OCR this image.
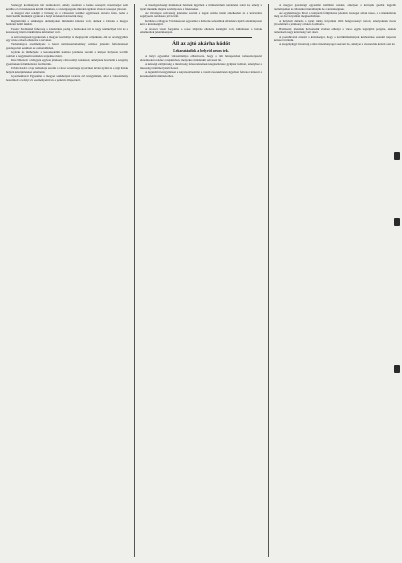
Somogyi kormányzás bár számottevő, amely azonban a benne szereplő vezetőséget sem kerülte el a birtoktestek körüli vitákban, s a közigazgatás minden ágában vitatott szerepet játszott.

A megyei élet rendjét a bíróság és a választott testület együttesen tartotta fenn, noha a tisztviselők munkáját gyakran a helyi érdekek határozták meg.

Regisztrálni a szükséges okmányokat mindenki köteles volt, akinek a birtoka a megye határain belül feküdt.

Ferenc Ferdinánd főherceg a trónörökös pedig a határokon túl is nagy tekintéllyel bírt és a katonaság iránti érdeklődése közismert volt.

A szövetségesek igyekeztek a magyar kormányt is megnyerni céljaiknak, ám az országgyűlés egy része erősen ellenezte a terveket.

Tudományos eredmények: a hazai természettudomány számos jelentős felfedezéssel gazdagodott ezekben az esztendőkben.

Gyárak és műhelyek: a kereskedelmi kamara jelentése szerint a kisipar helyzete tovább romlott a nagyüzemi termelés terjedése miatt.

Kiss Nikolett: a hölgyek egylete jótékony célú estélyt rendezett, amelynek bevételét a szegény gyermekek felruházására fordították.

Urbán Kadri: a lap tudósítója szerint a város vezetősége új utcákat kíván nyitni és a régi házak helyén középületeket emeltetni.

Gyermekbarát Egyesület a megyei székhelyen tartotta évi közgyűlését, ahol a választmány beszámolt a lefolyt év eseményeiről és a pénztár állapotáról.

A mezőgazdasági munkások bérének ügyében a minisztérium rendeletet adott ki, amely a nyári munkák idejére szabályozza a fizetéseket.

Az Országos szövetség jelentése szerint a tagok száma ismét emelkedett és a kölcsönös segélyezés rendszere jól bevált.

Kórháza a Magyar Vöröskereszt egyesület a háborús sebesültek ellátására újabb adományokat kért a közönségtől.

A tavaszi vásár forgalma a rossz időjárás ellenére kielégítő volt, különösen a lóárak emelkedtek jelentékenyen.

Áll az ajtó akárha ködöt

Lekaratáatlok a belyrid aruos tek.

A helyi egyesület választmánya elhatározta, hogy a téli hónapokban ismeretterjesztő előadásokat rendez a népkörben, melyekre mindenkit szívesen lát.

A községi elöljáróság a tűzoltóság felszerelésének kiegészítésére gyűjtést indított, amelyhez a lakosság örömmel járult hozzá.

A legutóbbi közgyűlésen a képviselőtestület a vasúti összeköttetés ügyében feliratot intézett a kereskedelmi miniszterhez.

A megyei gazdasági egyesület kiállítást rendez, amelyen a környék gazdái legjobb terményeiket és állataikat mutathatják be a közönségnek.

Az egyházmegye hívei a templom felújítására jelentős összeget adtak össze, s a munkálatok még az ősz folyamán megkezdődnek.

A helybeli dalárda a nyári idény folyamán több hangversenyt tartott, amelyeknek tiszta jövedelmét a jótékony célokra fordította.

Halálozás: életének hetvenedik évében elhunyt a város egyik legrégibb polgára, akinek temetésén nagy közönség vett részt.

A postahivatal értesíti a közönséget, hogy a levélküldemények kézbesítése ezentúl naponta kétszer történik.

A szegényügyi bizottság a télre tüzelőanyagot szerzett be, amelyet a rászorulók között oszt ki.
